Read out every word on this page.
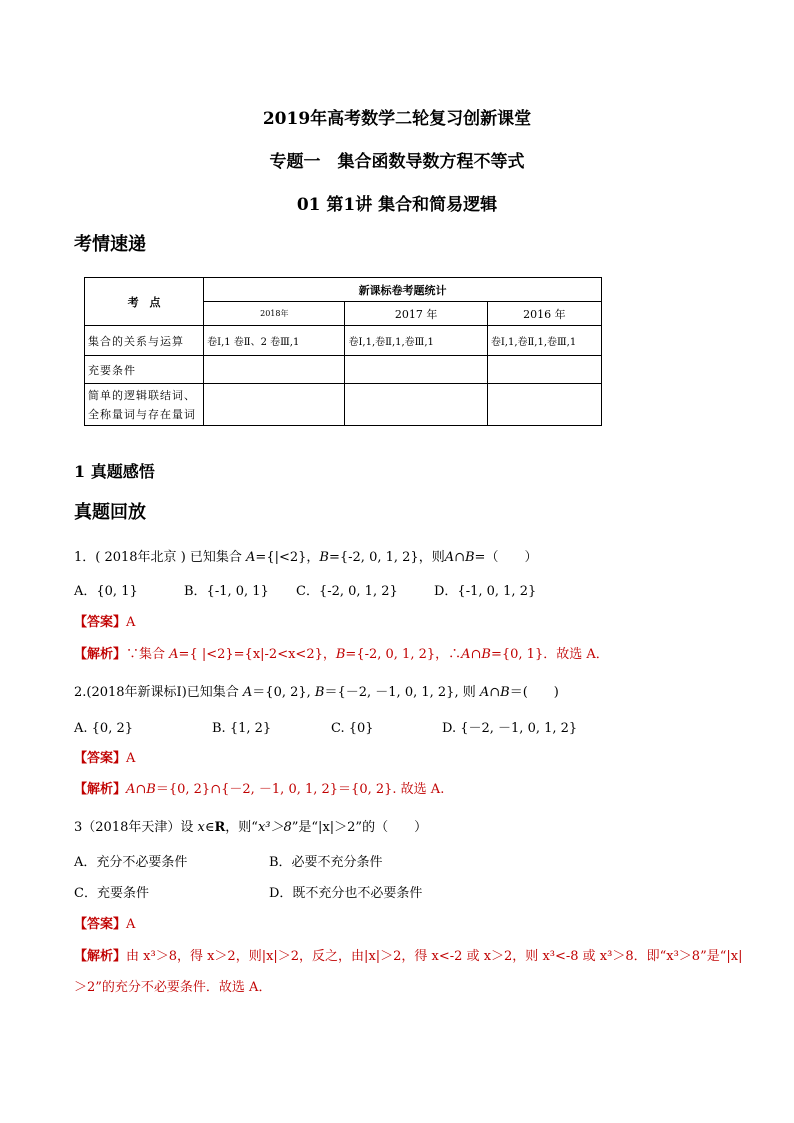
2019年高考数学二轮复习创新课堂
专题一　集合函数导数方程不等式
01 第1讲 集合和简易逻辑
考情速递
考　点	新课标卷考题统计		
	2018年	2017 年	2016 年
集合的关系与运算	卷Ⅰ,1 卷Ⅱ、2 卷Ⅲ,1	卷Ⅰ,1,卷Ⅱ,1,卷Ⅲ,1	卷Ⅰ,1,卷Ⅱ,1,卷Ⅲ,1
充要条件			

简单的逻辑联结词、
全称量词与存在量词			

1 真题感悟
真题回放
1．( 2018年北京 ) 已知集合 A={|<2}，B={-2, 0, 1, 2}，则A∩B=（　　）
A．{0, 1}	B．{-1, 0, 1} C．{-2, 0, 1, 2}	D．{-1, 0, 1, 2}
【答案】A
【解析】∵集合 A={ |<2}={x|-2<x<2}，B={-2, 0, 1, 2}，∴A∩B={0, 1}．故选 A．
2.(2018年新课标Ⅰ)已知集合 A＝{0, 2}, B＝{－2, －1, 0, 1, 2}, 则 A∩B＝(　　)
A. {0, 2}	B. {1, 2}	C. {0}	D. {－2, －1, 0, 1, 2}
【答案】A
【解析】A∩B＝{0, 2}∩{－2, －1, 0, 1, 2}＝{0, 2}. 故选 A.
3（2018年天津）设 x∈R，则“x³＞8”是“|x|＞2”的（　　）
A．充分不必要条件	B．必要不充分条件
C．充要条件	D．既不充分也不必要条件
【答案】A
【解析】由 x³＞8，得 x＞2，则|x|＞2，反之，由|x|＞2，得 x<-2 或 x＞2，则 x³<-8 或 x³＞8．即“x³＞8”是“|x|
＞2”的充分不必要条件．故选 A．
